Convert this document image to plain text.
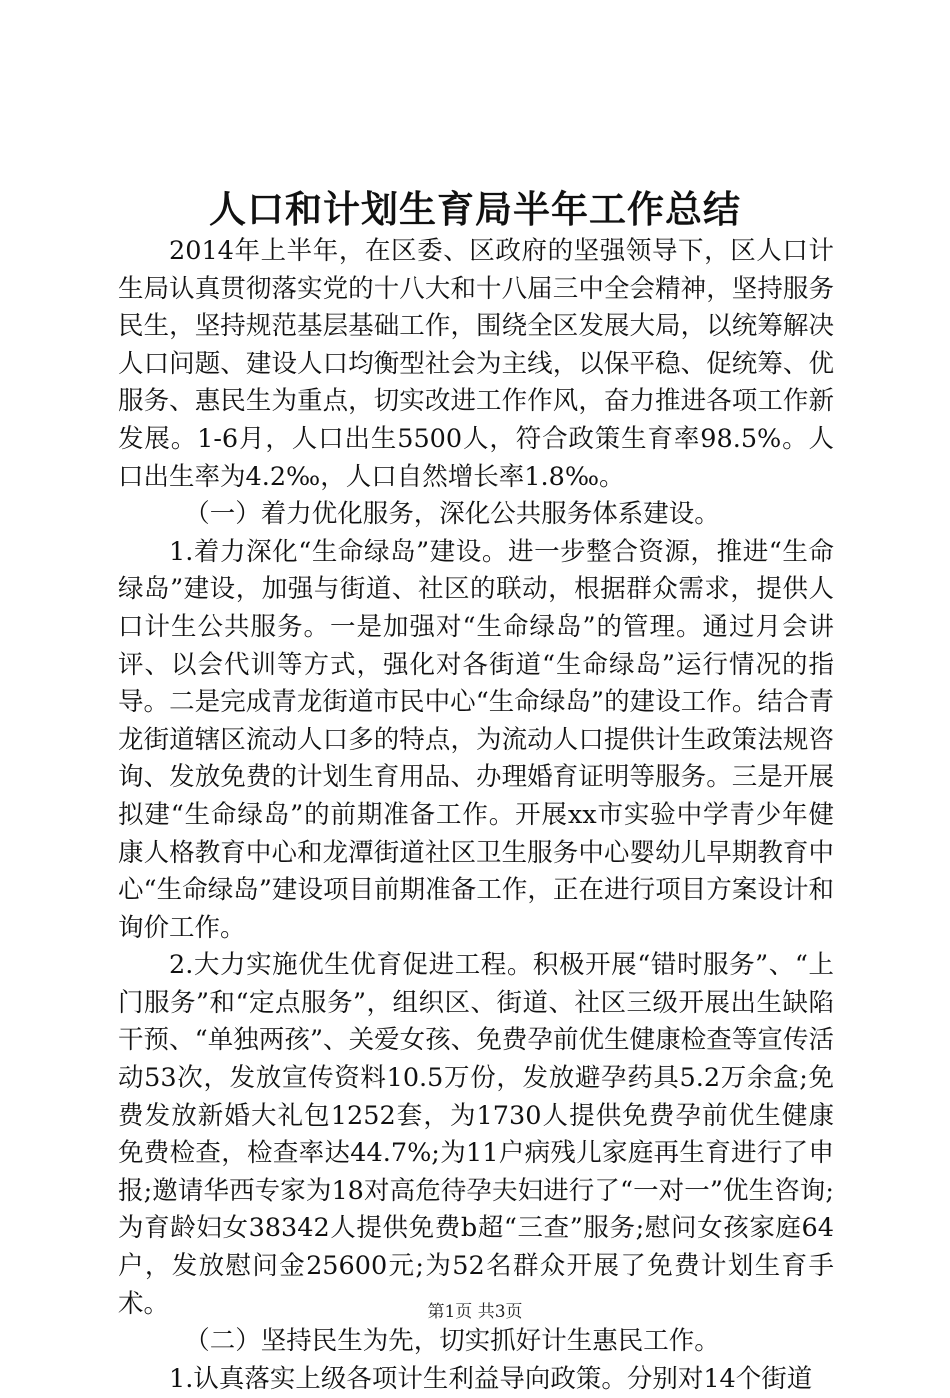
人口和计划生育局半年工作总结

2014年上半年，在区委、区政府的坚强领导下，区人口计生局认真贯彻落实党的十八大和十八届三中全会精神，坚持服务民生，坚持规范基层基础工作，围绕全区发展大局，以统筹解决人口问题、建设人口均衡型社会为主线，以保平稳、促统筹、优服务、惠民生为重点，切实改进工作作风，奋力推进各项工作新发展。1-6月，人口出生5500人，符合政策生育率98.5%。人口出生率为4.2‰，人口自然增长率1.8‰。

（一）着力优化服务，深化公共服务体系建设。

1.着力深化“生命绿岛”建设。进一步整合资源，推进“生命绿岛”建设，加强与街道、社区的联动，根据群众需求，提供人口计生公共服务。一是加强对“生命绿岛”的管理。通过月会讲评、以会代训等方式，强化对各街道“生命绿岛”运行情况的指导。二是完成青龙街道市民中心“生命绿岛”的建设工作。结合青龙街道辖区流动人口多的特点，为流动人口提供计生政策法规咨询、发放免费的计划生育用品、办理婚育证明等服务。三是开展拟建“生命绿岛”的前期准备工作。开展xx市实验中学青少年健康人格教育中心和龙潭街道社区卫生服务中心婴幼儿早期教育中心“生命绿岛”建设项目前期准备工作，正在进行项目方案设计和询价工作。

2.大力实施优生优育促进工程。积极开展“错时服务”、“上门服务”和“定点服务”，组织区、街道、社区三级开展出生缺陷干预、“单独两孩”、关爱女孩、免费孕前优生健康检查等宣传活动53次，发放宣传资料10.5万份，发放避孕药具5.2万余盒;免费发放新婚大礼包1252套，为1730人提供免费孕前优生健康免费检查，检查率达44.7%;为11户病残儿家庭再生育进行了申报;邀请华西专家为18对高危待孕夫妇进行了“一对一”优生咨询;为育龄妇女38342人提供免费b超“三查”服务;慰问女孩家庭64户，发放慰问金25600元;为52名群众开展了免费计划生育手术。

（二）坚持民生为先，切实抓好计生惠民工作。

1.认真落实上级各项计生利益导向政策。分别对14个街道

第1页 共3页
